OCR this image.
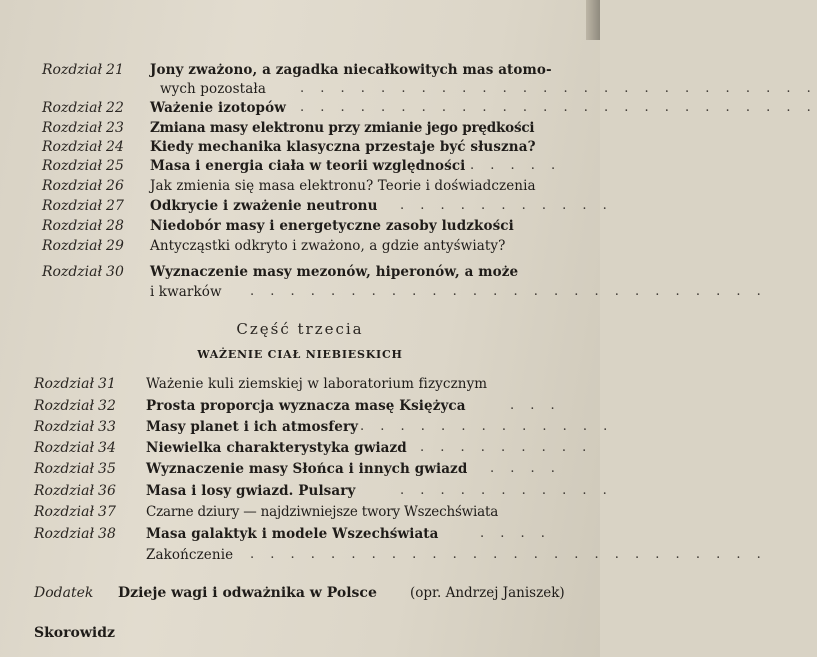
Rozdział 21 Jony zważono, a zagadka niecałkowitych mas atomo-
wych pozostała	. . . . . . . . . . . . . . . . . . . . . . . . . .
Rozdział 22 Ważenie izotopów . . . . . . . . . . . . . . . . . . . . . . . . . .
Rozdział 23 Zmiana masy elektronu przy zmianie jego prędkości
Rozdział 24 Kiedy mechanika klasyczna przestaje być słuszna?
Rozdział 25 Masa i energia ciała w teorii względności . . . . .
Rozdział 26 Jak zmienia się masa elektronu? Teorie i doświadczenia
Rozdział 27 Odkrycie i zważenie neutronu . . . . . . . . . . .
Rozdział 28 Niedobór masy i energetyczne zasoby ludzkości
Rozdział 29 Antycząstki odkryto i zważono, a gdzie antyświaty?
Rozdział 30 Wyznaczenie masy mezonów, hiperonów, a może
i kwarków . . . . . . . . . . . . . . . . . . . . . . . . . .
Część trzecia
WAŻENIE CIAŁ NIEBIESKICH
Rozdział 31 Ważenie kuli ziemskiej w laboratorium fizycznym
Rozdział 32 Prosta proporcja wyznacza masę Księżyca	. . .
Rozdział 33 Masy planet i ich atmosfery . . . . . . . . . . . . .
Rozdział 34 Niewielka charakterystyka gwiazd . . . . . . . . .
Rozdział 35 Wyznaczenie masy Słońca i innych gwiazd . . . .
Rozdział 36 Masa i losy gwiazd. Pulsary	. . . . . . . . . . .
Rozdział 37 Czarne dziury — najdziwniejsze twory Wszechświata
Rozdział 38 Masa galaktyk i modele Wszechświata	. . . .
Zakończenie . . . . . . . . . . . . . . . . . . . . . . . . . .
Dodatek Dzieje wagi i odważnika w Polsce (opr. Andrzej Janiszek)
Skorowidz
